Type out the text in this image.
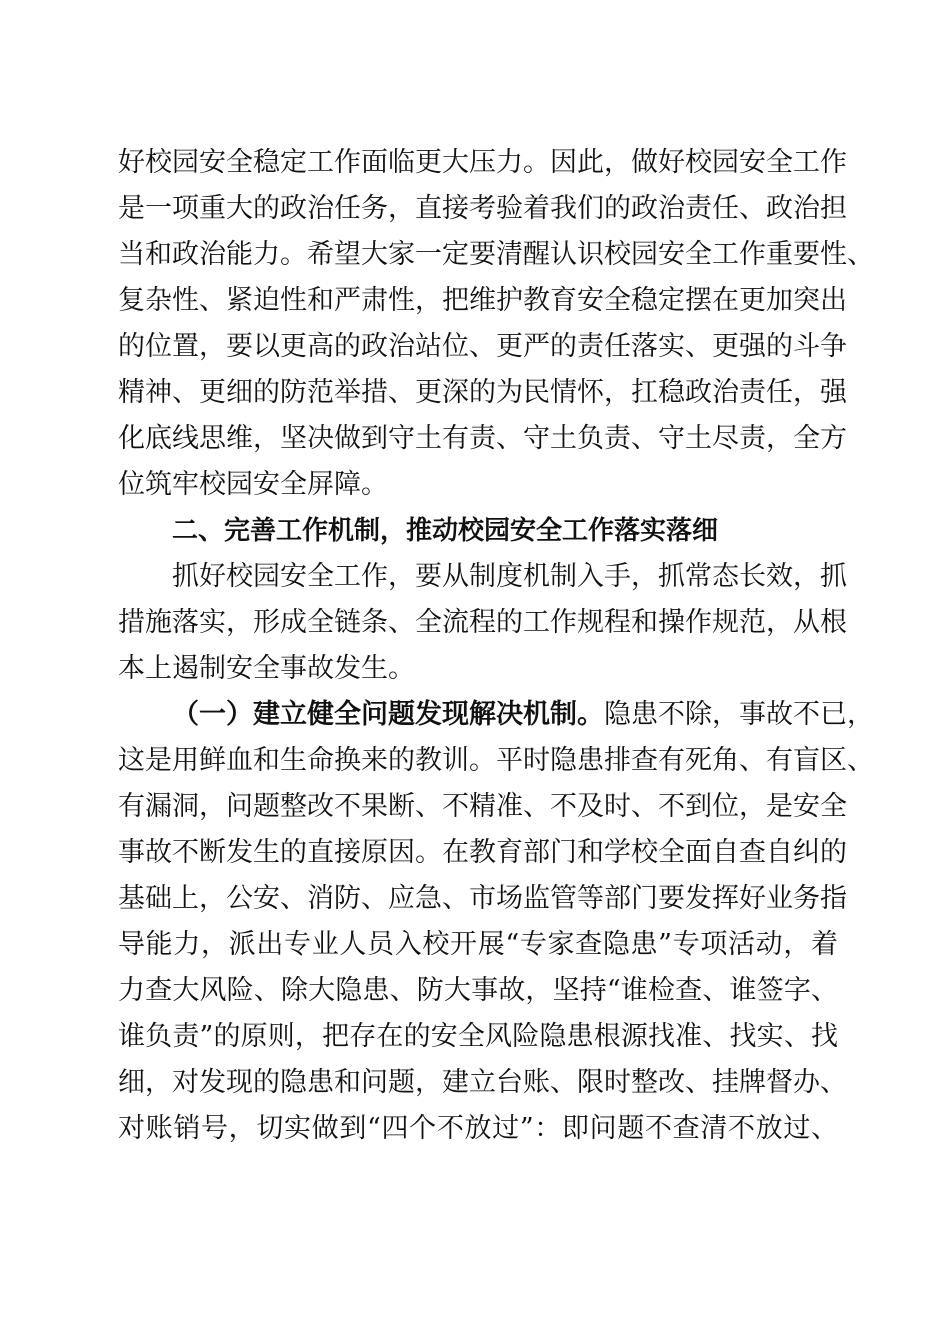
好校园安全稳定工作面临更大压力。因此，做好校园安全工作
是一项重大的政治任务，直接考验着我们的政治责任、政治担
当和政治能力。希望大家一定要清醒认识校园安全工作重要性、
复杂性、紧迫性和严肃性，把维护教育安全稳定摆在更加突出
的位置，要以更高的政治站位、更严的责任落实、更强的斗争
精神、更细的防范举措、更深的为民情怀，扛稳政治责任，强
化底线思维，坚决做到守土有责、守土负责、守土尽责，全方
位筑牢校园安全屏障。
二、完善工作机制，推动校园安全工作落实落细
抓好校园安全工作，要从制度机制入手，抓常态长效，抓
措施落实，形成全链条、全流程的工作规程和操作规范，从根
本上遏制安全事故发生。
（一）建立健全问题发现解决机制。隐患不除，事故不已，
这是用鲜血和生命换来的教训。平时隐患排查有死角、有盲区、
有漏洞，问题整改不果断、不精准、不及时、不到位，是安全
事故不断发生的直接原因。在教育部门和学校全面自查自纠的
基础上，公安、消防、应急、市场监管等部门要发挥好业务指
导能力，派出专业人员入校开展“专家查隐患”专项活动，着
力查大风险、除大隐患、防大事故，坚持“谁检查、谁签字、
谁负责”的原则，把存在的安全风险隐患根源找准、找实、找
细，对发现的隐患和问题，建立台账、限时整改、挂牌督办、
对账销号，切实做到“四个不放过”：即问题不查清不放过、
